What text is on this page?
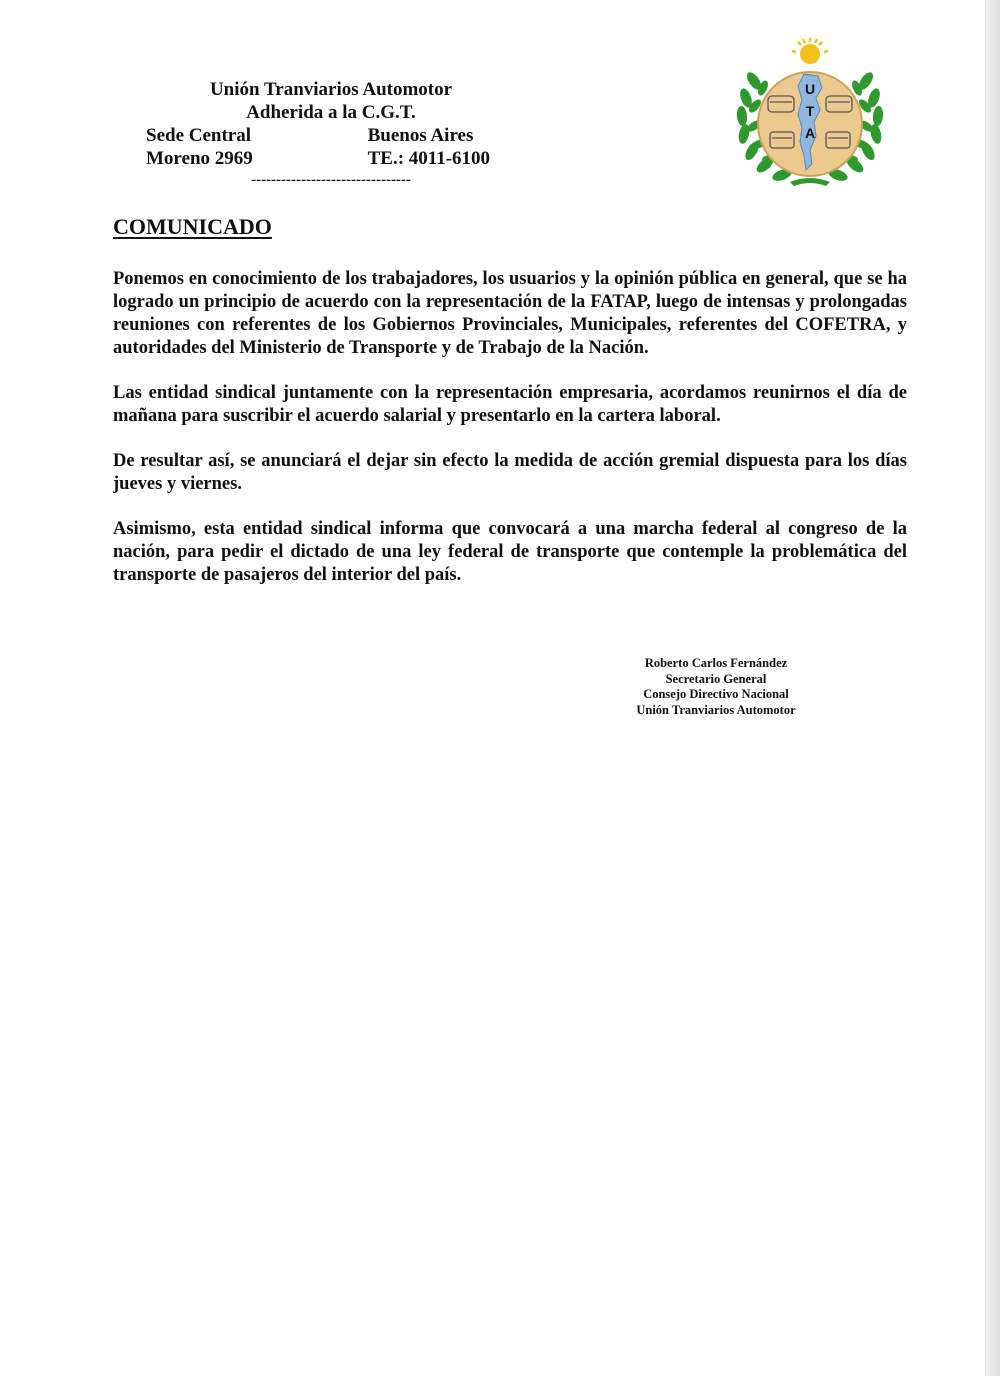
Unión Tranviarios Automotor
Adherida a la C.G.T.
Sede Central	Buenos Aires
Moreno 2969	TE.: 4011-6100
--------------------------------
U
T
A
COMUNICADO

Ponemos en conocimiento de los trabajadores, los usuarios y la opinión pública en general, que se ha logrado un principio de acuerdo con la representación de la FATAP, luego de intensas y prolongadas reuniones con referentes de los Gobiernos Provinciales, Municipales, referentes del COFETRA, y autoridades del Ministerio de Transporte y de Trabajo de la Nación.

Las entidad sindical juntamente con la representación empresaria, acordamos reunirnos el día de mañana para suscribir el acuerdo salarial y presentarlo en la cartera laboral.

De resultar así, se anunciará el dejar sin efecto la medida de acción gremial dispuesta para los días jueves y viernes.

Asimismo, esta entidad sindical informa que convocará a una marcha federal al congreso de la nación, para pedir el dictado de una ley federal de transporte que contemple la problemática del transporte de pasajeros del interior del país.

Roberto Carlos Fernández
Secretario General
Consejo Directivo Nacional
Unión Tranviarios Automotor
